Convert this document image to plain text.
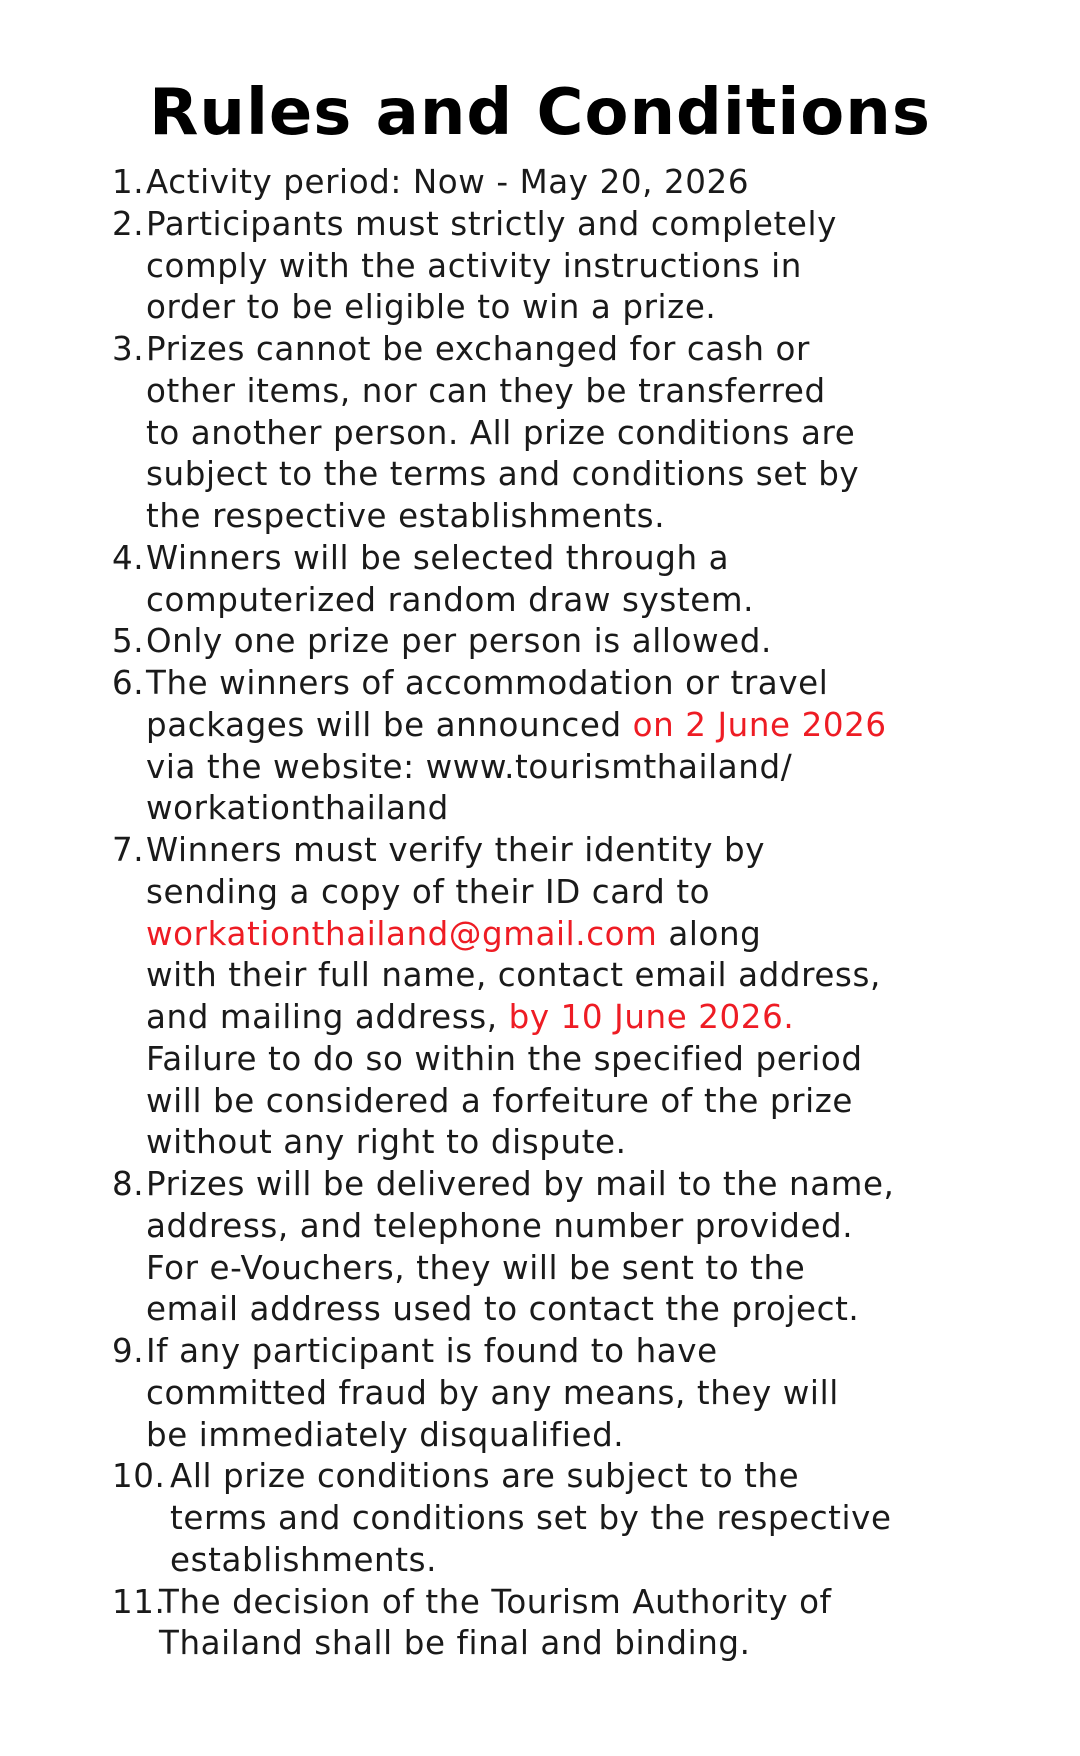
Rules and Conditions
1. Activity period: Now - May 20, 2026
2. Participants must strictly and completely
comply with the activity instructions in
order to be eligible to win a prize.
3. Prizes cannot be exchanged for cash or
other items, nor can they be transferred
to another person. All prize conditions are
subject to the terms and conditions set by
the respective establishments.
4. Winners will be selected through a
computerized random draw system.
5. Only one prize per person is allowed.
6. The winners of accommodation or travel
packages will be announced on 2 June 2026
via the website: www.tourismthailand/
workationthailand
7. Winners must verify their identity by
sending a copy of their ID card to
workationthailand@gmail.com along
with their full name, contact email address,
and mailing address, by 10 June 2026.
Failure to do so within the specified period
will be considered a forfeiture of the prize
without any right to dispute.
8. Prizes will be delivered by mail to the name,
address, and telephone number provided.
For e-Vouchers, they will be sent to the
email address used to contact the project.
9. If any participant is found to have
committed fraud by any means, they will
be immediately disqualified.
10. All prize conditions are subject to the
terms and conditions set by the respective
establishments.
11.
The decision of the Tourism Authority of
Thailand shall be final and binding.
